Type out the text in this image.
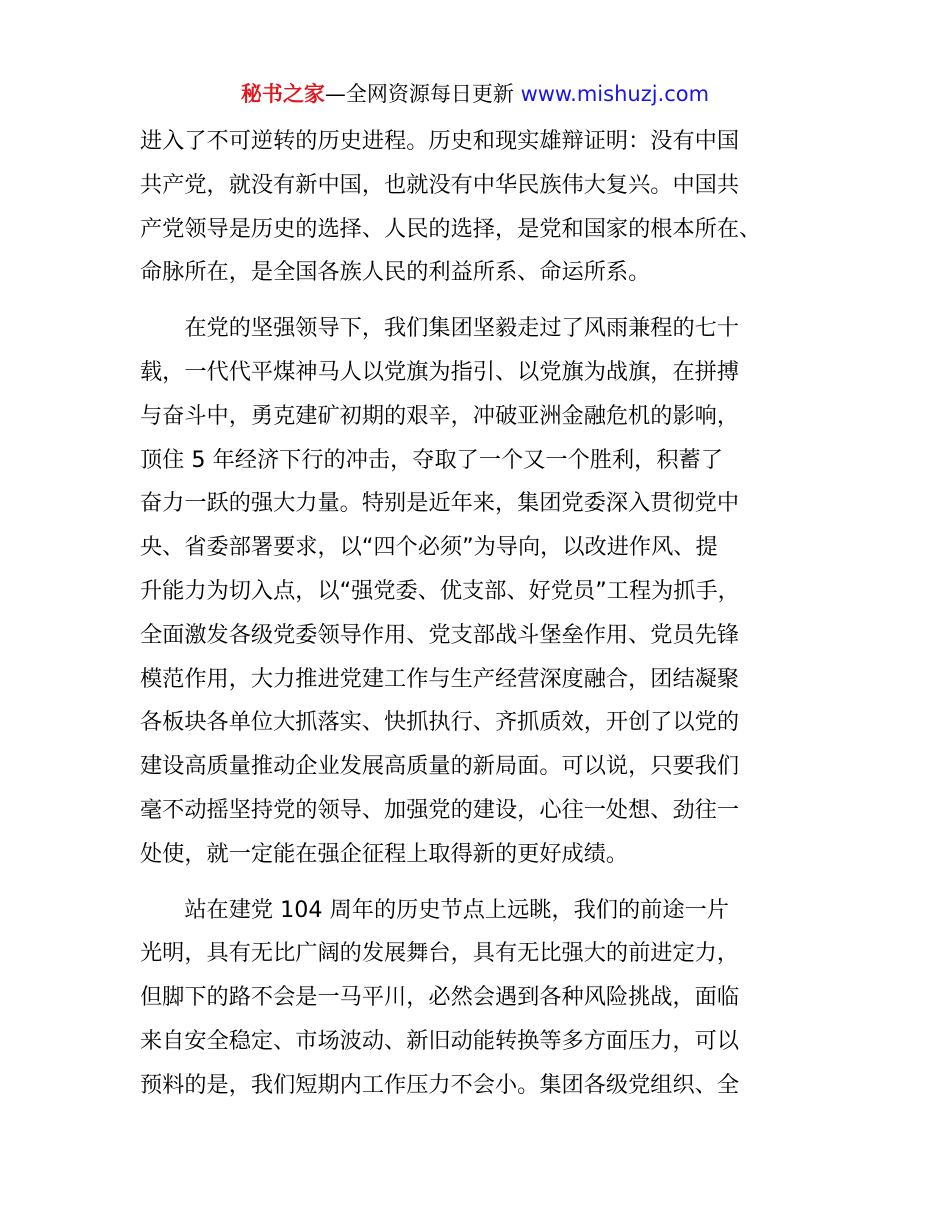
秘书之家—全网资源每日更新 www.mishuzj.com
进入了不可逆转的历史进程。历史和现实雄辩证明：没有中国
共产党，就没有新中国，也就没有中华民族伟大复兴。中国共
产党领导是历史的选择、人民的选择，是党和国家的根本所在、
命脉所在，是全国各族人民的利益所系、命运所系。
　　在党的坚强领导下，我们集团坚毅走过了风雨兼程的七十
载，一代代平煤神马人以党旗为指引、以党旗为战旗，在拼搏
与奋斗中，勇克建矿初期的艰辛，冲破亚洲金融危机的影响，
顶住 5 年经济下行的冲击，夺取了一个又一个胜利，积蓄了
奋力一跃的强大力量。特别是近年来，集团党委深入贯彻党中
央、省委部署要求，以“四个必须”为导向，以改进作风、提
升能力为切入点，以“强党委、优支部、好党员”工程为抓手，
全面激发各级党委领导作用、党支部战斗堡垒作用、党员先锋
模范作用，大力推进党建工作与生产经营深度融合，团结凝聚
各板块各单位大抓落实、快抓执行、齐抓质效，开创了以党的
建设高质量推动企业发展高质量的新局面。可以说，只要我们
毫不动摇坚持党的领导、加强党的建设，心往一处想、劲往一
处使，就一定能在强企征程上取得新的更好成绩。
　　站在建党 104 周年的历史节点上远眺，我们的前途一片
光明，具有无比广阔的发展舞台，具有无比强大的前进定力，
但脚下的路不会是一马平川，必然会遇到各种风险挑战，面临
来自安全稳定、市场波动、新旧动能转换等多方面压力，可以
预料的是，我们短期内工作压力不会小。集团各级党组织、全
